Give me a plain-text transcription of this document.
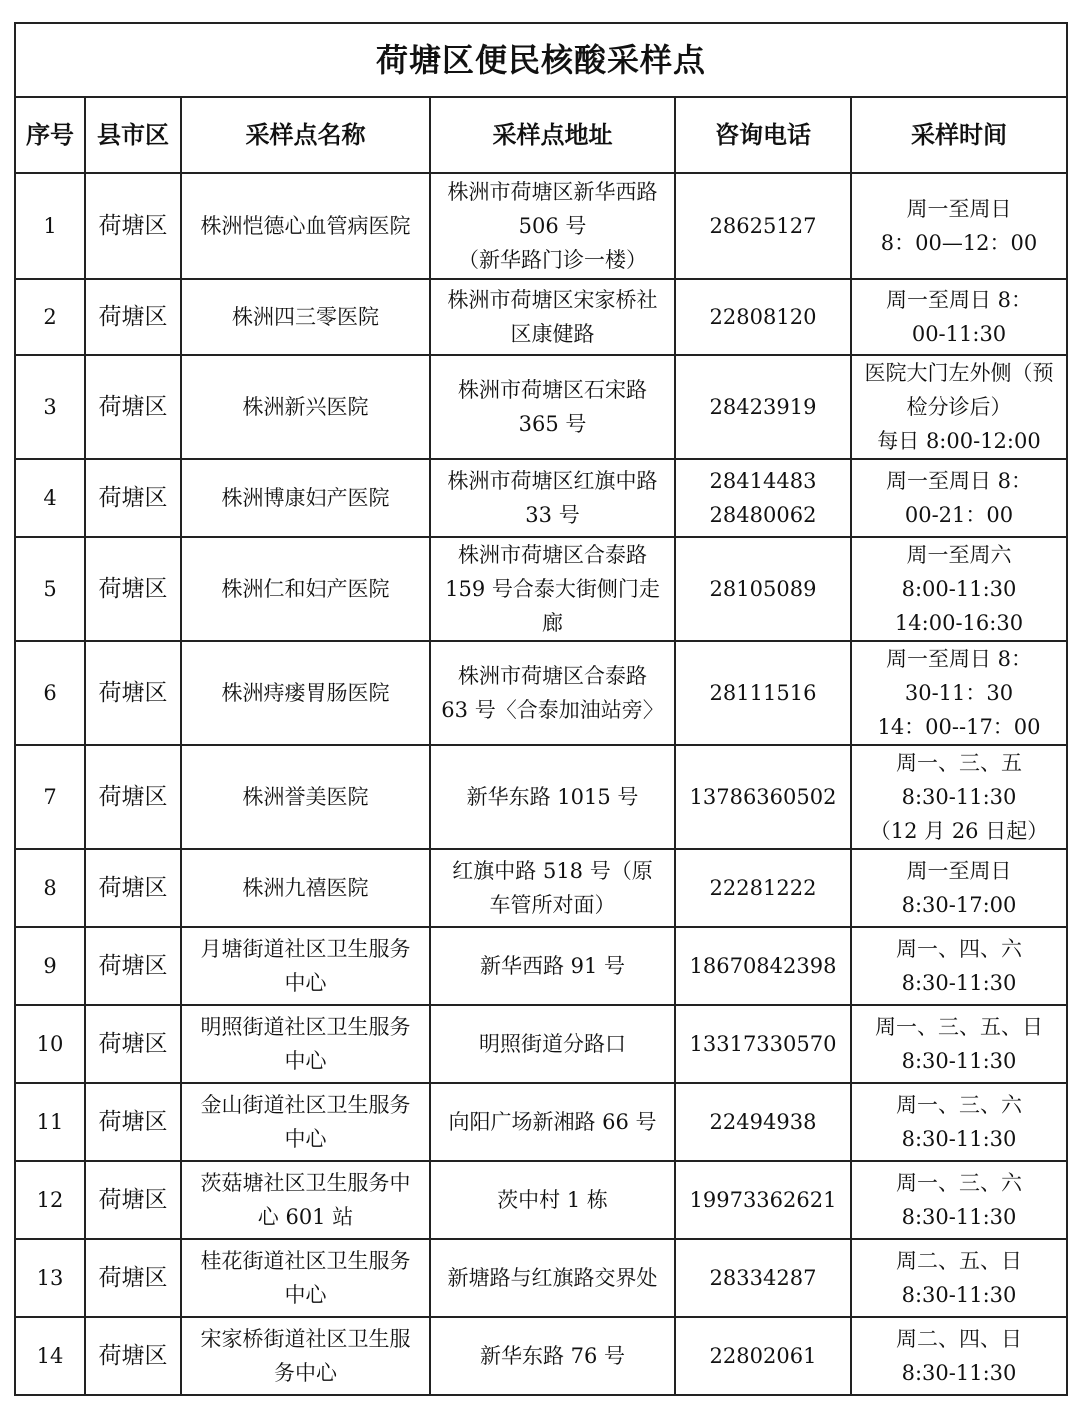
荷塘区便民核酸采样点					
序号	县市区	采样点名称	采样点地址	咨询电话	采样时间
1	荷塘区	株洲恺德心血管病医院	株洲市荷塘区新华西路
506 号
（新华路门诊一楼）	28625127	周一至周日
8：00—12：00

2	荷塘区	株洲四三零医院	株洲市荷塘区宋家桥社
区康健路	22808120	周一至周日 8：
00-11:30

3	荷塘区	株洲新兴医院	株洲市荷塘区石宋路
365 号	28423919	医院大门左外侧（预
检分诊后）
每日 8:00-12:00

4	荷塘区	株洲博康妇产医院	株洲市荷塘区红旗中路
33 号	28414483
28480062	周一至周日 8：
00-21：00

5	荷塘区	株洲仁和妇产医院	株洲市荷塘区合泰路
159 号合泰大街侧门走
廊	28105089	周一至周六
8:00-11:30
14:00-16:30

6	荷塘区	株洲痔瘘胃肠医院	株洲市荷塘区合泰路
63 号〈合泰加油站旁〉	28111516	周一至周日 8：
30-11：30
14：00--17：00

7	荷塘区	株洲誉美医院	新华东路 1015 号	13786360502	周一、三、五
8:30-11:30
（12 月 26 日起）

8	荷塘区	株洲九禧医院	红旗中路 518 号（原
车管所对面）	22281222	周一至周日
8:30-17:00

9	荷塘区	月塘街道社区卫生服务
中心	新华西路 91 号	18670842398	周一、四、六
8:30-11:30

10	荷塘区	明照街道社区卫生服务
中心	明照街道分路口	13317330570	周一、三、五、日
8:30-11:30

11	荷塘区	金山街道社区卫生服务
中心	向阳广场新湘路 66 号	22494938	周一、三、六
8:30-11:30

12	荷塘区	茨菇塘社区卫生服务中
心 601 站	茨中村 1 栋	19973362621	周一、三、六
8:30-11:30

13	荷塘区	桂花街道社区卫生服务
中心	新塘路与红旗路交界处	28334287	周二、五、日
8:30-11:30

14	荷塘区	宋家桥街道社区卫生服
务中心	新华东路 76 号	22802061	周二、四、日
8:30-11:30
